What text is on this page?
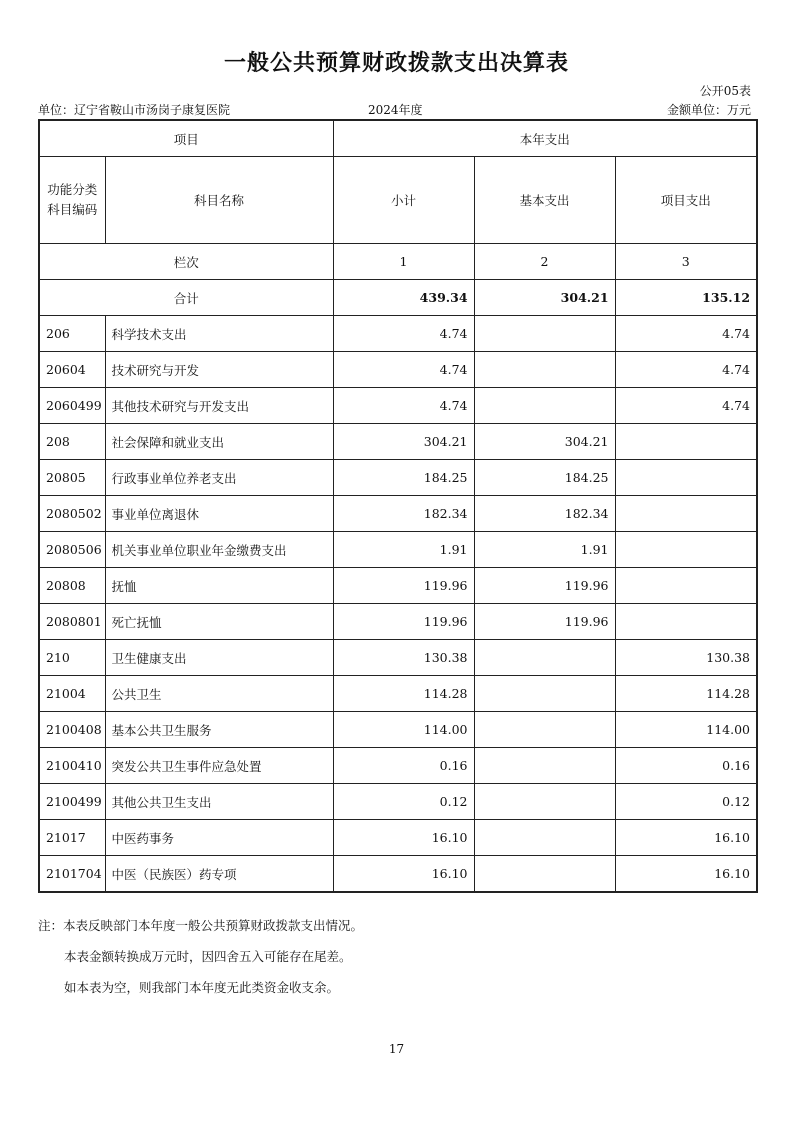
一般公共预算财政拨款支出决算表
公开05表
单位：辽宁省鞍山市汤岗子康复医院	2024年度	金额单位：万元
项目		本年支出		
功能分类科目编码	科目名称	小计	基本支出	项目支出
栏次		1	2	3
合计		439.34	304.21	135.12
206	科学技术支出	4.74		4.74
20604	技术研究与开发	4.74		4.74
2060499	其他技术研究与开发支出	4.74		4.74
208	社会保障和就业支出	304.21	304.21	
20805	行政事业单位养老支出	184.25	184.25	
2080502	事业单位离退休	182.34	182.34	
2080506	机关事业单位职业年金缴费支出	1.91	1.91	
20808	抚恤	119.96	119.96	
2080801	死亡抚恤	119.96	119.96	
210	卫生健康支出	130.38		130.38
21004	公共卫生	114.28		114.28
2100408	基本公共卫生服务	114.00		114.00
2100410	突发公共卫生事件应急处置	0.16		0.16
2100499	其他公共卫生支出	0.12		0.12
21017	中医药事务	16.10		16.10
2101704	中医（民族医）药专项	16.10		16.10
注：本表反映部门本年度一般公共预算财政拨款支出情况。
本表金额转换成万元时，因四舍五入可能存在尾差。
如本表为空，则我部门本年度无此类资金收支余。
17
